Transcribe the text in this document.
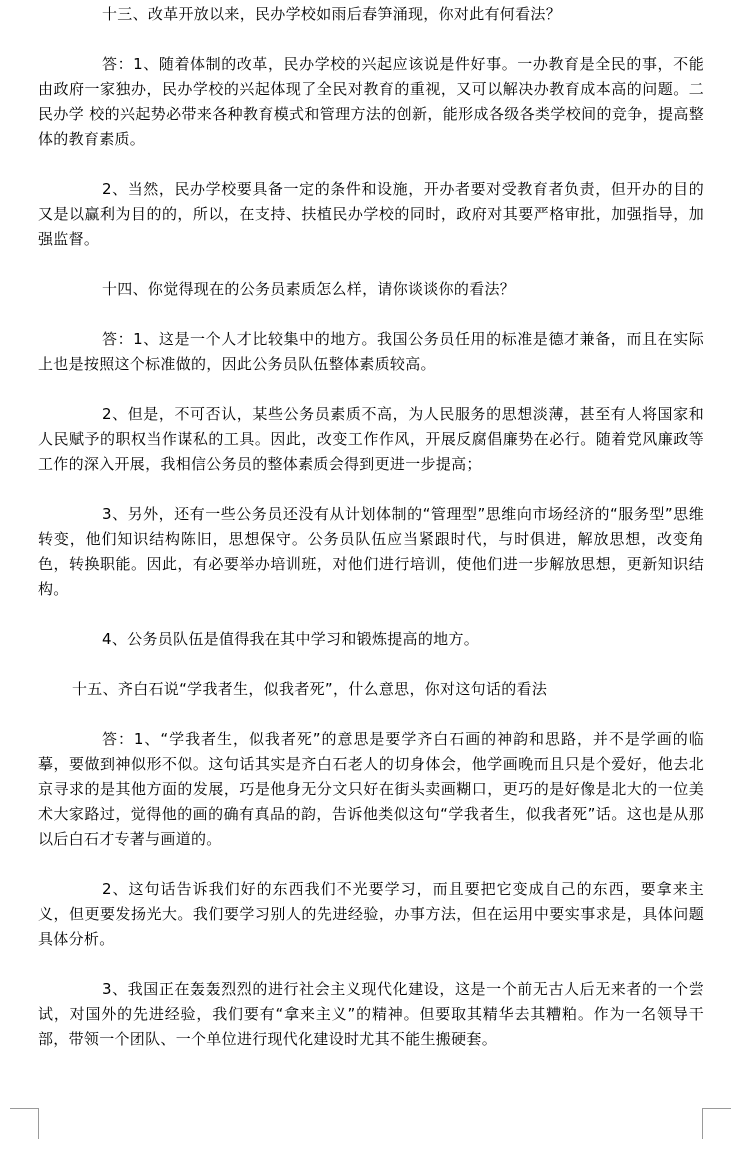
十三、改革开放以来，民办学校如雨后春笋涌现，你对此有何看法？

答：1、随着体制的改革，民办学校的兴起应该说是件好事。一办教育是全民的事，不能由政府一家独办，民办学校的兴起体现了全民对教育的重视，又可以解决办教育成本高的问题。二民办学 校的兴起势必带来各种教育模式和管理方法的创新，能形成各级各类学校间的竞争，提高整体的教育素质。

2、当然，民办学校要具备一定的条件和设施，开办者要对受教育者负责，但开办的目的又是以赢利为目的的，所以，在支持、扶植民办学校的同时，政府对其要严格审批，加强指导，加强监督。

十四、你觉得现在的公务员素质怎么样，请你谈谈你的看法？

答：1、这是一个人才比较集中的地方。我国公务员任用的标准是德才兼备，而且在实际上也是按照这个标准做的，因此公务员队伍整体素质较高。

2、但是，不可否认，某些公务员素质不高，为人民服务的思想淡薄，甚至有人将国家和人民赋予的职权当作谋私的工具。因此，改变工作作风，开展反腐倡廉势在必行。随着党风廉政等工作的深入开展，我相信公务员的整体素质会得到更进一步提高；

3、另外，还有一些公务员还没有从计划体制的“管理型”思维向市场经济的“服务型”思维转变，他们知识结构陈旧，思想保守。公务员队伍应当紧跟时代，与时俱进，解放思想，改变角色，转换职能。因此，有必要举办培训班，对他们进行培训，使他们进一步解放思想，更新知识结构。

4、公务员队伍是值得我在其中学习和锻炼提高的地方。

十五、齐白石说“学我者生，似我者死”，什么意思，你对这句话的看法

答：1、“学我者生，似我者死”的意思是要学齐白石画的神韵和思路，并不是学画的临摹，要做到神似形不似。这句话其实是齐白石老人的切身体会，他学画晚而且只是个爱好，他去北京寻求的是其他方面的发展，巧是他身无分文只好在街头卖画糊口，更巧的是好像是北大的一位美术大家路过，觉得他的画的确有真品的韵，告诉他类似这句“学我者生，似我者死”话。这也是从那以后白石才专著与画道的。

2、这句话告诉我们好的东西我们不光要学习，而且要把它变成自己的东西，要拿来主义，但更要发扬光大。我们要学习别人的先进经验，办事方法，但在运用中要实事求是，具体问题具体分析。

3、我国正在轰轰烈烈的进行社会主义现代化建设，这是一个前无古人后无来者的一个尝试，对国外的先进经验，我们要有“拿来主义”的精神。但要取其精华去其糟粕。作为一名领导干部，带领一个团队、一个单位进行现代化建设时尤其不能生搬硬套。
